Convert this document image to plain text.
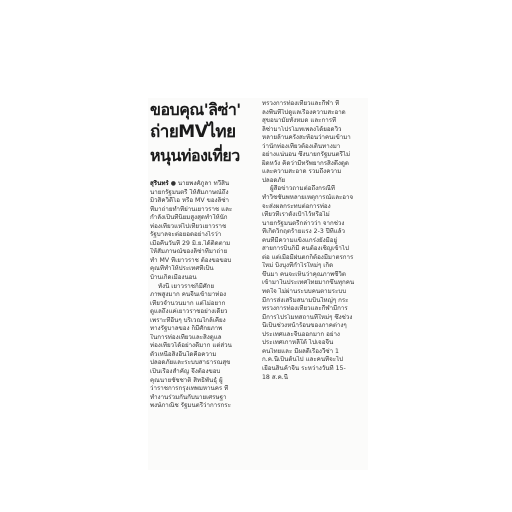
ขอบคุณ'ลิซ่า'
ถ่ายMVไทย
หนุนท่องเที่ยว

สุรินทร์ ● นายพงศ์ภูลา ทวีสิน

นายกรัฐมนตรี ให้สัมภาษณ์ถึง

มิวสิควิดีโอ หรือ MV ของลิซ่า

ที่มาถ่ายทำที่ย่านเยาวราช และ

กำลังเป็นที่นิยมสูงสุดทำให้นัก

ท่องเที่ยวแห่ไปเที่ยวเยาวราช

รัฐบาลจะต่อยอดอย่างไรว่า

เมื่อคืนวันที่ 29 มิ.ย.ได้ติดตาม

ให้สัมภาษณ์ของลิซ่าที่มาถ่าย

ทำ MV ที่เยาวราช ต้องขอขอบ

คุณที่ทำให้ประเทศที่เป็น

บ้านเกิดเมืองนอน

ทั้งนี้ เยาวราชก็มีศักย

ภาพสูงมาก คนจีนเข้ามาท่อง

เที่ยวจำนวนมาก แต่ไม่อยาก

ดูแลถึงแค่เยาวราชอย่างเดียว

เพราะที่อื่นๆ บริเวณใกล้เคียง

ทางรัฐบาลของ ก็มีศักยภาพ

ในการท่องเที่ยวและสิ่งดูแล

ท่องเที่ยวได้อย่างดีมาก แต่ส่วน

ตัวเหนือสิ่งอื่นใดคือความ

ปลอดภัยและระบบสาธารณสุข

เป็นเรื่องสำคัญ จึงต้องขอบ

คุณนายชัชชาติ สิทธิพันธุ์ ผู้

ว่าราชการกรุงเทพมหานคร ที่

ทำงานร่วมกันกับนายเศรษฐา

พงษ์ภาณิช รัฐมนตรีว่าการกระ

ทรวงการท่องเที่ยวและกีฬา ที่

ลงพื้นที่ไปดูแลเรื่องความสะอาด

สุขอนามัยทั้งหมด และการที่

ลิซ่ามาโปรโมทเพลงได้ยอดวิว

หลายล้านครั้งสะท้อนว่าคนเข้ามา

ว่านักท่องเที่ยวต้องเดินทางมา

อย่างแน่นอน ซึ่งนายกรัฐมนตรีไม่

ผิดหวัง คิดว่ามีทรัพยากรสิ่งดึงดูด

และความสะอาด รวมถึงความ

ปลอดภัย

ผู้สื่อข่าวถามต่อถึงกรณีที่

ทำวิชชั่นพหลายเหตุการณ์และอาจ

จะส่งผลกระทบต่อการท่อง

เที่ยวที่เราตั้งเป้าไว้หรือไม่

นายกรัฐมนตรีกล่าวว่า จากช่วง

ที่เกิดวิกฤตร้ายแรง 2-3 ปีที่แล้ว

คนที่มีความแข็งแกร่งยังมีอยู่

สายการบินก็มี คนต้องเชิญเข้าไป

ต่อ แต่เมื่อมีฝนตกก็ต้องมีมาตรการ

ใหม่ บิงบุงที่กำไรใหม่ๆ เกิด

ขึ้นมา คนจะเห็นว่าคุณภาพชีวิต

เข้ามาในประเทศไทยมากขึ้นทุกคน

ทดใจ ไม่ผ่านระบบคนตามระบบ

มีการส่งเสริมสนามบินใหญ่ๆ กระ

ทรวงการท่องเที่ยวและกีฬามีการ

มีการโปรโมทสถานที่ใหม่ๆ ซึ่งช่วง

นี้เป็นช่วงหน้าร้อนของภาคต่างๆ

ประเทศและจีนออกมาก อย่าง

ประเทศเกาหลีใต้ ไปเจอจีน

คนไทยและ มีผลดีเรื่องวีซ่า 1

ก.ค.นี้เป็นต้นไป และคนที่จะไป

เยือนสินค้าจีน ระหว่างวันที่ 15-

18 ส.ค.นี้
